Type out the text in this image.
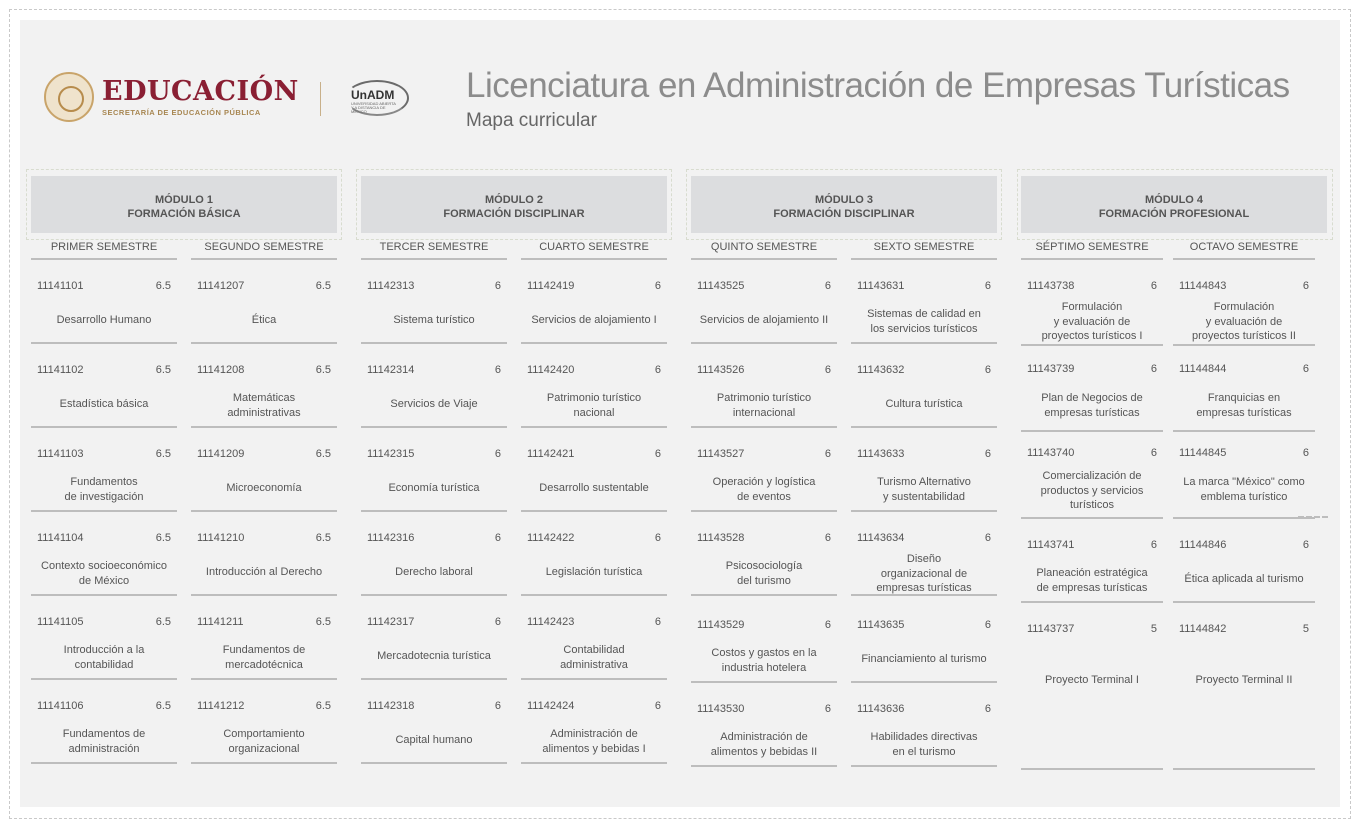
EDUCACIÓN
SECRETARÍA DE EDUCACIÓN PÚBLICA
UnADM
UNIVERSIDAD ABIERTA Y A DISTANCIA DE MÉXICO
Licenciatura en Administración de Empresas Turísticas
Mapa curricular
MÓDULO 1
FORMACIÓN BÁSICA
MÓDULO 2
FORMACIÓN DISCIPLINAR
MÓDULO 3
FORMACIÓN DISCIPLINAR
MÓDULO 4
FORMACIÓN PROFESIONAL
PRIMER SEMESTRE
11141101	6.5
Desarrollo Humano
11141102	6.5
Estadística básica
11141103	6.5
Fundamentos
de investigación
11141104	6.5
Contexto socioeconómico
de México
11141105	6.5
Introducción a la
contabilidad
11141106	6.5
Fundamentos de
administración
SEGUNDO SEMESTRE
11141207	6.5
Ética
11141208	6.5
Matemáticas
administrativas
11141209	6.5
Microeconomía
11141210	6.5
Introducción al Derecho
11141211	6.5
Fundamentos de
mercadotécnica
11141212	6.5
Comportamiento
organizacional
TERCER SEMESTRE
11142313	6
Sistema turístico
11142314	6
Servicios de Viaje
11142315	6
Economía turística
11142316	6
Derecho laboral
11142317	6
Mercadotecnia turística
11142318	6
Capital humano
CUARTO SEMESTRE
11142419	6
Servicios de alojamiento I
11142420	6
Patrimonio turístico
nacional
11142421	6
Desarrollo sustentable
11142422	6
Legislación turística
11142423	6
Contabilidad
administrativa
11142424	6
Administración de
alimentos y bebidas I
QUINTO SEMESTRE
11143525	6
Servicios de alojamiento II
11143526	6
Patrimonio turístico
internacional
11143527	6
Operación y logística
de eventos
11143528	6
Psicosociología
del turismo
11143529	6
Costos y gastos en la
industria hotelera
11143530	6
Administración de
alimentos y bebidas II
SEXTO SEMESTRE
11143631	6
Sistemas de calidad en
los servicios turísticos
11143632	6
Cultura turística
11143633	6
Turismo Alternativo
y sustentabilidad
11143634	6
Diseño
organizacional de
empresas turísticas
11143635	6
Financiamiento al turismo
11143636	6
Habilidades directivas
en el turismo
SÉPTIMO SEMESTRE
11143738	6
Formulación
y evaluación de
proyectos turísticos I
11143739	6
Plan de Negocios de
empresas turísticas
11143740	6
Comercialización de
productos y servicios
turísticos
11143741	6
Planeación estratégica
de empresas turísticas
11143737	5
Proyecto Terminal I
OCTAVO SEMESTRE
11144843	6
Formulación
y evaluación de
proyectos turísticos II
11144844	6
Franquicias en
empresas turísticas
11144845	6
La marca "México" como
emblema turístico
11144846	6
Ética aplicada al turismo
11144842	5
Proyecto Terminal II
